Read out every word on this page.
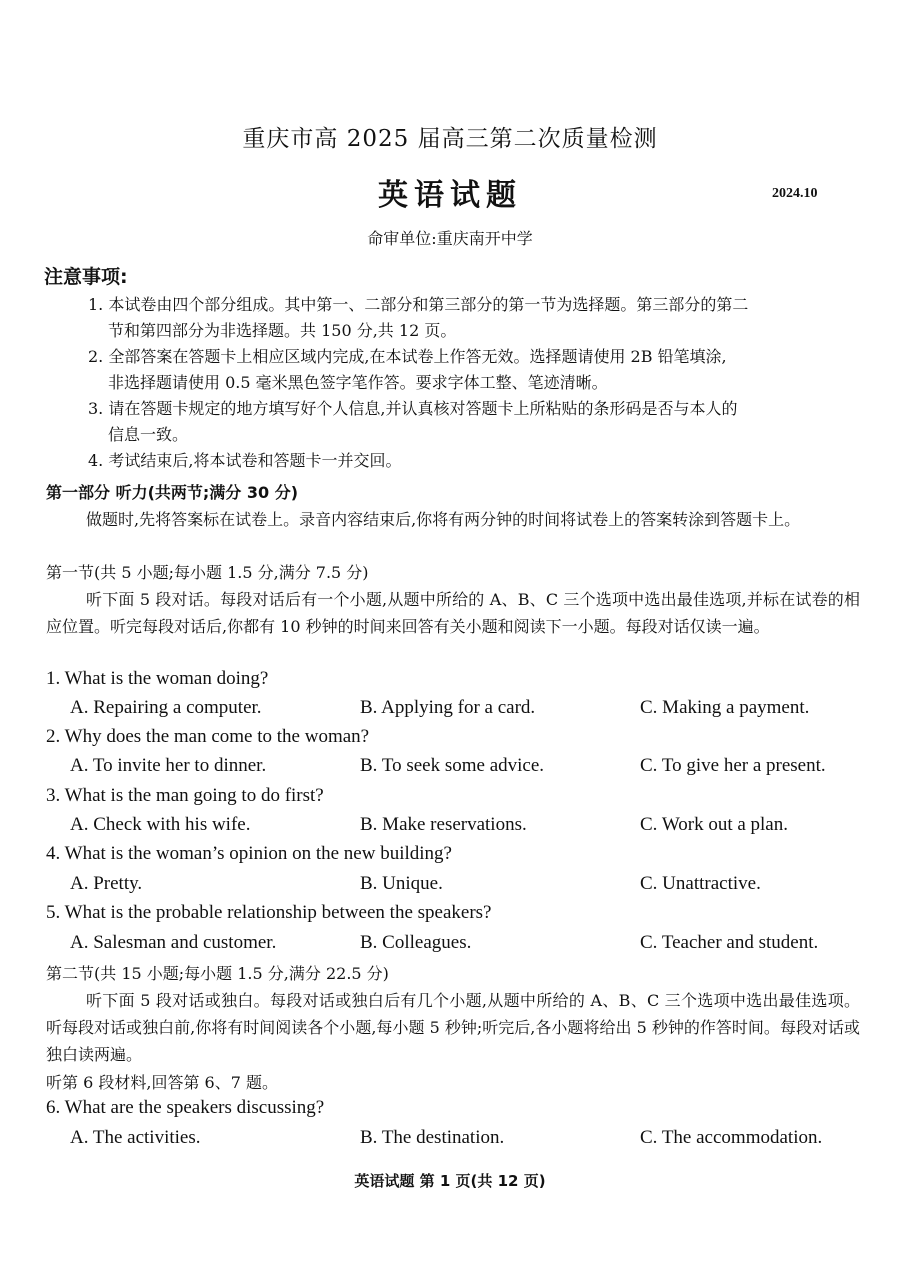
重庆市高 2025 届高三第二次质量检测
英语试题	2024.10
命审单位:重庆南开中学
注意事项:
1. 本试卷由四个部分组成。其中第一、二部分和第三部分的第一节为选择题。第三部分的第二
节和第四部分为非选择题。共 150 分,共 12 页。
2. 全部答案在答题卡上相应区域内完成,在本试卷上作答无效。选择题请使用 2B 铅笔填涂,
非选择题请使用 0.5 毫米黑色签字笔作答。要求字体工整、笔迹清晰。
3. 请在答题卡规定的地方填写好个人信息,并认真核对答题卡上所粘贴的条形码是否与本人的
信息一致。
4. 考试结束后,将本试卷和答题卡一并交回。
第一部分 听力(共两节;满分 30 分)
做题时,先将答案标在试卷上。录音内容结束后,你将有两分钟的时间将试卷上的答案转涂到答题卡上。
第一节(共 5 小题;每小题 1.5 分,满分 7.5 分)
听下面 5 段对话。每段对话后有一个小题,从题中所给的 A、B、C 三个选项中选出最佳选项,并标在试卷的相应位置。听完每段对话后,你都有 10 秒钟的时间来回答有关小题和阅读下一小题。每段对话仅读一遍。
1. What is the woman doing?
A. Repairing a computer.	B. Applying for a card.	C. Making a payment.
2. Why does the man come to the woman?
A. To invite her to dinner.	B. To seek some advice.	C. To give her a present.
3. What is the man going to do first?
A. Check with his wife.	B. Make reservations.	C. Work out a plan.
4. What is the woman’s opinion on the new building?
A. Pretty.	B. Unique.	C. Unattractive.
5. What is the probable relationship between the speakers?
A. Salesman and customer.	B. Colleagues.	C. Teacher and student.
第二节(共 15 小题;每小题 1.5 分,满分 22.5 分)
听下面 5 段对话或独白。每段对话或独白后有几个小题,从题中所给的 A、B、C 三个选项中选出最佳选项。听每段对话或独白前,你将有时间阅读各个小题,每小题 5 秒钟;听完后,各小题将给出 5 秒钟的作答时间。每段对话或独白读两遍。
听第 6 段材料,回答第 6、7 题。
6. What are the speakers discussing?
A. The activities.	B. The destination.	C. The accommodation.
英语试题 第 1 页(共 12 页)
